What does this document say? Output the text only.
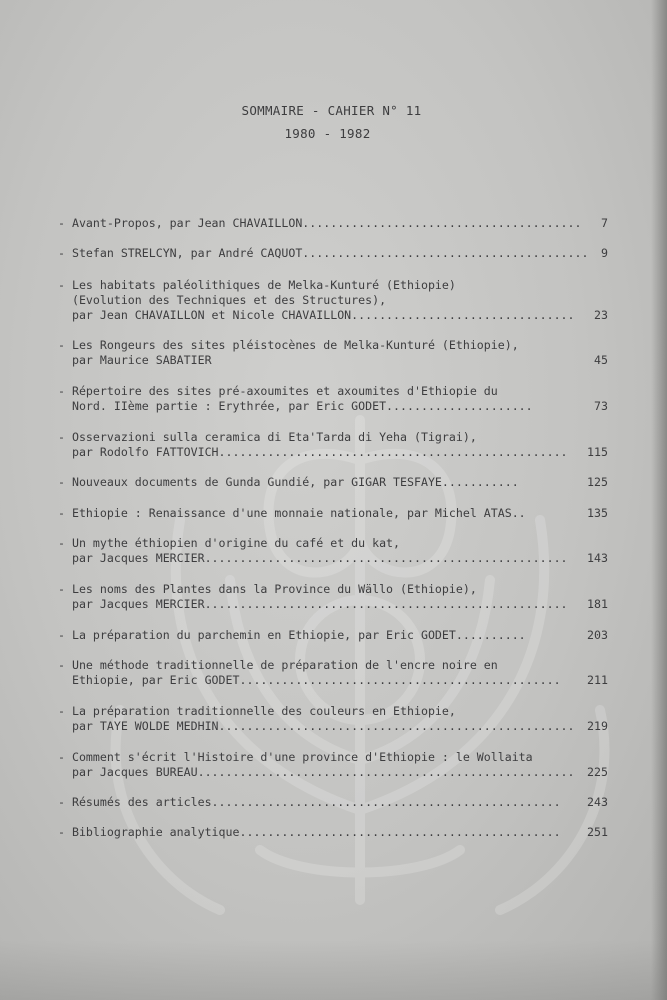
SOMMAIRE - CAHIER N° 11
1980 - 1982
- Avant-Propos, par Jean CHAVAILLON........................................	7
- Stefan STRELCYN, par André CAQUOT.........................................	9
- Les habitats paléolithiques de Melka-Kunturé (Ethiopie)
(Evolution des Techniques et des Structures),
par Jean CHAVAILLON et Nicole CHAVAILLON................................	23
- Les Rongeurs des sites pléistocènes de Melka-Kunturé (Ethiopie),
par Maurice SABATIER	45
- Répertoire des sites pré-axoumites et axoumites d'Ethiopie du
Nord. IIème partie : Erythrée, par Eric GODET.....................	73
- Osservazioni sulla ceramica di Eta'Tarda di Yeha (Tigrai),
par Rodolfo FATTOVICH..................................................	115
- Nouveaux documents de Gunda Gundié, par GIGAR TESFAYE...........	125
- Ethiopie : Renaissance d'une monnaie nationale, par Michel ATAS..	135
- Un mythe éthiopien d'origine du café et du kat,
par Jacques MERCIER....................................................	143
- Les noms des Plantes dans la Province du Wällo (Ethiopie),
par Jacques MERCIER....................................................	181
- La préparation du parchemin en Ethiopie, par Eric GODET..........	203
- Une méthode traditionnelle de préparation de l'encre noire en
Ethiopie, par Eric GODET..............................................	211
- La préparation traditionnelle des couleurs en Ethiopie,
par TAYE WOLDE MEDHIN...................................................	219
- Comment s'écrit l'Histoire d'une province d'Ethiopie : le Wollaita
par Jacques BUREAU......................................................	225
- Résumés des articles..................................................	243
- Bibliographie analytique..............................................	251
